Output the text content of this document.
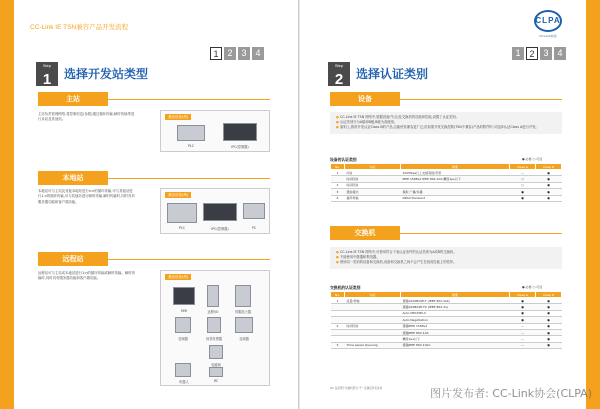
CC-Link IE TSN PRODUCT DEVELOPMENT
CC-Link IE TSN兼容产品开发流程
1 2 3 4
Step
1	选择开发站类型
主站
主站负责管理网络,将控制信息(参数)通过循环传输,瞬时传输等进行从站及其他站。
兼容设备(例)
PLC	IPC(控制器)
本地站
本地站可与主站及其他本地站进行n:n的循环传输,可与其他站进行1:n的循环传输,可与其他站进行瞬时传输,瞬时传输时,同时具有服务器功能和客户端功能。
兼容设备(例)
PLC	IPC(控制器)	PC
远程站
远程站可与主站或本地站进行1:n的循环传输或瞬时传输。瞬时传输时,同时具有服务器功能和客户端功能。	兼容设备(例)
HMI	远程I/O	伺服放大器
变频器	视觉传感器	变频器
电磁阀
机器人	RC
CLPA
CC-Link协会
1 2 3 4
Step
2	选择认证类别
设备
● CC-Link IE TSN 网络中,根据设备(节点)及交换机的功能和性能,设置了认证类别。
● 认证类别分为A级和B级,B级为高级别。
● 原则上,推荐开发认证Class B的产品,这能使其兼容更广泛,但如果开发交换控制(TSN不兼容)产品的附件时,可选择认证Class A进行开发。
设备的认证类别	●:必要 ○:可选
No.	功能	概要	Class A	Class B
1	同步	100Mbps以上支援等级/带宽	—	●
	时间同步	IEEE 1588v2 IEEE 802.1AS 精度1μs以下	○	●
2	时间同步		○	●
3	通信模式	模拟 广播/多播	●	●
4	循环传输	NRSV-Transient	●	●
交换机
● CC-Link IE TSN 网络中,可使用符合下表认证条件的认证类别为A或B的交换机。
● 不能使用中继器和集线器。
● 使用同一类别的设备和交换机,设备和交换机之间不会产生在组成性能上的差异。
交换机的认证类别	●:必要 ○:可选
No.	功能	概要	Class A	Class B
1	流量/传输	遵循1000BASE-T (IEEE 802.3ab)	●	●
		遵循100BASE-TX (IEEE 802.3u)	●	●
		Auto MDI/MDI-X	●	●
		Auto Negotiation	●	●
2	时间同步	遵循IEEE 1588v2	—	●
		遵循IEEE 802.1AS	—	●
		精度1μs以下	—	●
3	Time aware Queuing	遵循IEEE 802.1Qbv	—	●
※1 仅适用于交换机部分,不一定满足所有条件	图片发布者: CC-Link协会(CLPA)
